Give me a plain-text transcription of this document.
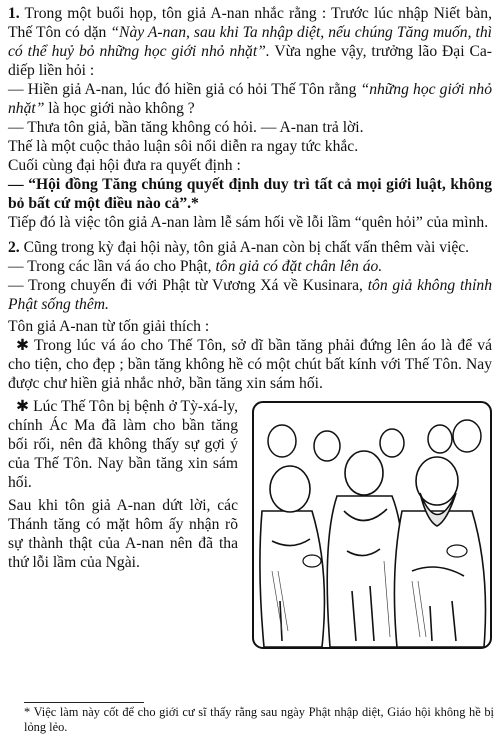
1. Trong một buổi họp, tôn giả A-nan nhắc rằng : Trước lúc nhập Niết bàn, Thế Tôn có dặn “Này A-nan, sau khi Ta nhập diệt, nếu chúng Tăng muốn, thì có thể huỷ bỏ những học giới nhỏ nhặt”. Vừa nghe vậy, trưởng lão Đại Ca-diếp liền hỏi :

— Hiền giả A-nan, lúc đó hiền giả có hỏi Thế Tôn rằng “những học giới nhỏ nhặt” là học giới nào không ?

— Thưa tôn giả, bần tăng không có hỏi. — A-nan trả lời.

Thế là một cuộc thảo luận sôi nổi diễn ra ngay tức khắc.

Cuối cùng đại hội đưa ra quyết định :

— “Hội đồng Tăng chúng quyết định duy trì tất cả mọi giới luật, không bỏ bất cứ một điều nào cả”.*

Tiếp đó là việc tôn giả A-nan làm lễ sám hối về lỗi lầm “quên hỏi” của mình.

2. Cũng trong kỳ đại hội này, tôn giả A-nan còn bị chất vấn thêm vài việc.

— Trong các lần vá áo cho Phật, tôn giả có đặt chân lên áo.

— Trong chuyến đi với Phật từ Vương Xá về Kusinara, tôn giả không thỉnh Phật sống thêm.

Tôn giả A-nan từ tốn giải thích :

✱ Trong lúc vá áo cho Thế Tôn, sở dĩ bần tăng phải đứng lên áo là để vá cho tiện, cho đẹp ; bần tăng không hề có một chút bất kính với Thế Tôn. Nay được chư hiền giả nhắc nhở, bần tăng xin sám hối.

✱ Lúc Thế Tôn bị bệnh ở Tỳ-xá-ly, chính Ác Ma đã làm cho bần tăng bối rối, nên đã không thấy sự gợi ý của Thế Tôn. Nay bần tăng xin sám hối.

Sau khi tôn giả A-nan dứt lời, các Thánh tăng có mặt hôm ấy nhận rõ sự thành thật của A-nan nên đã tha thứ lỗi lầm của Ngài.

* Việc làm này cốt để cho giới cư sĩ thấy rằng sau ngày Phật nhập diệt, Giáo hội không hề bị lỏng lẻo.
